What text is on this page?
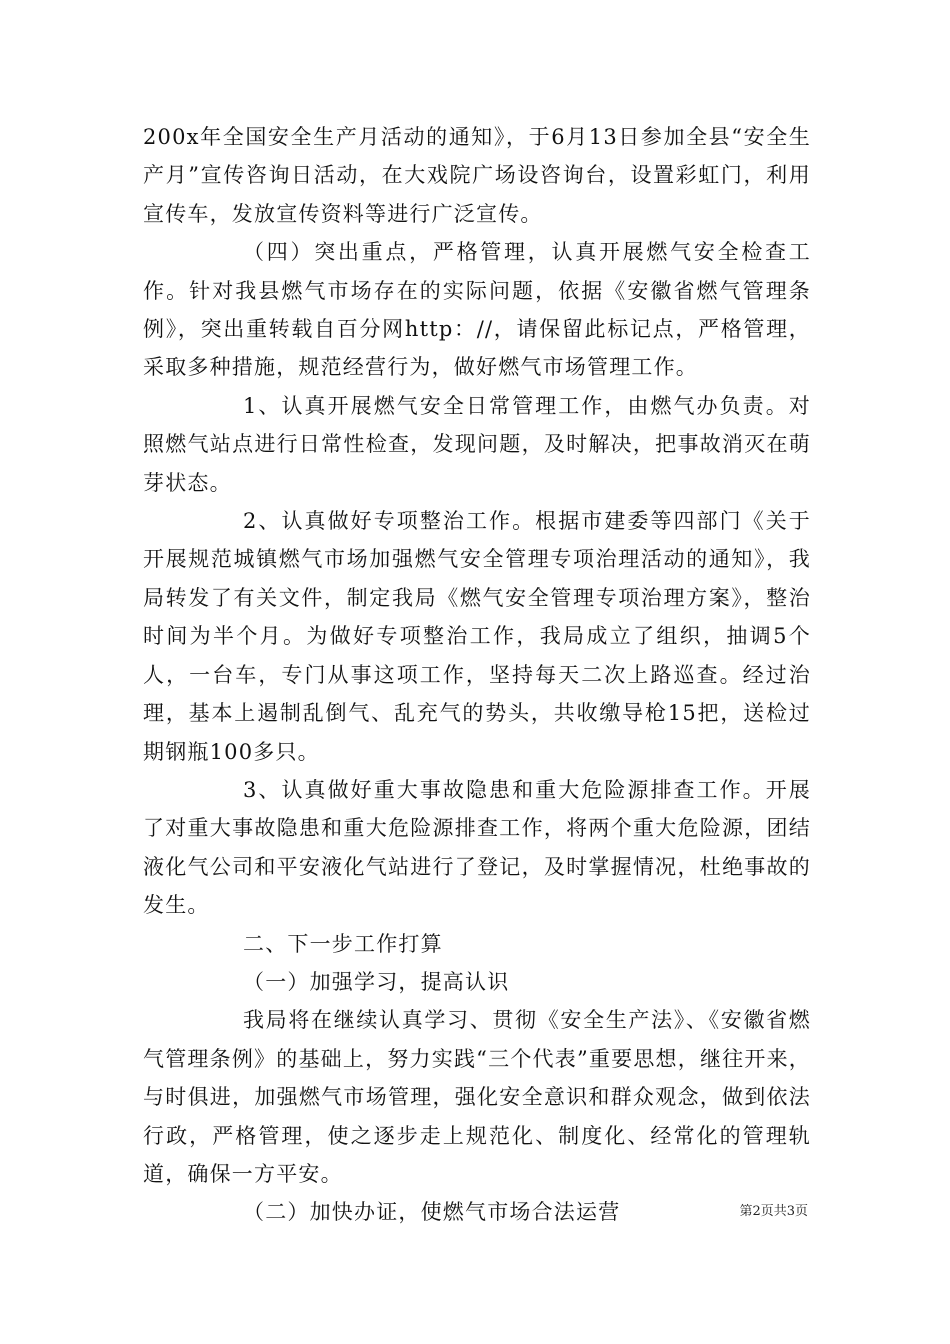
200x年全国安全生产月活动的通知》，于6月13日参加全县“安全生产月”宣传咨询日活动，在大戏院广场设咨询台，设置彩虹门，利用宣传车，发放宣传资料等进行广泛宣传。

（四）突出重点，严格管理，认真开展燃气安全检查工作。针对我县燃气市场存在的实际问题，依据《安徽省燃气管理条例》，突出重转载自百分网http：//，请保留此标记点，严格管理，采取多种措施，规范经营行为，做好燃气市场管理工作。

1、认真开展燃气安全日常管理工作，由燃气办负责。对照燃气站点进行日常性检查，发现问题，及时解决，把事故消灭在萌芽状态。

2、认真做好专项整治工作。根据市建委等四部门《关于开展规范城镇燃气市场加强燃气安全管理专项治理活动的通知》，我局转发了有关文件，制定我局《燃气安全管理专项治理方案》，整治时间为半个月。为做好专项整治工作，我局成立了组织，抽调5个人，一台车，专门从事这项工作，坚持每天二次上路巡查。经过治理，基本上遏制乱倒气、乱充气的势头，共收缴导枪15把，送检过期钢瓶100多只。

3、认真做好重大事故隐患和重大危险源排查工作。开展了对重大事故隐患和重大危险源排查工作，将两个重大危险源，团结液化气公司和平安液化气站进行了登记，及时掌握情况，杜绝事故的发生。

二、下一步工作打算

（一）加强学习，提高认识

我局将在继续认真学习、贯彻《安全生产法》、《安徽省燃气管理条例》的基础上，努力实践“三个代表”重要思想，继往开来，与时俱进，加强燃气市场管理，强化安全意识和群众观念，做到依法行政，严格管理，使之逐步走上规范化、制度化、经常化的管理轨道，确保一方平安。

（二）加快办证，使燃气市场合法运营	第2页共3页
